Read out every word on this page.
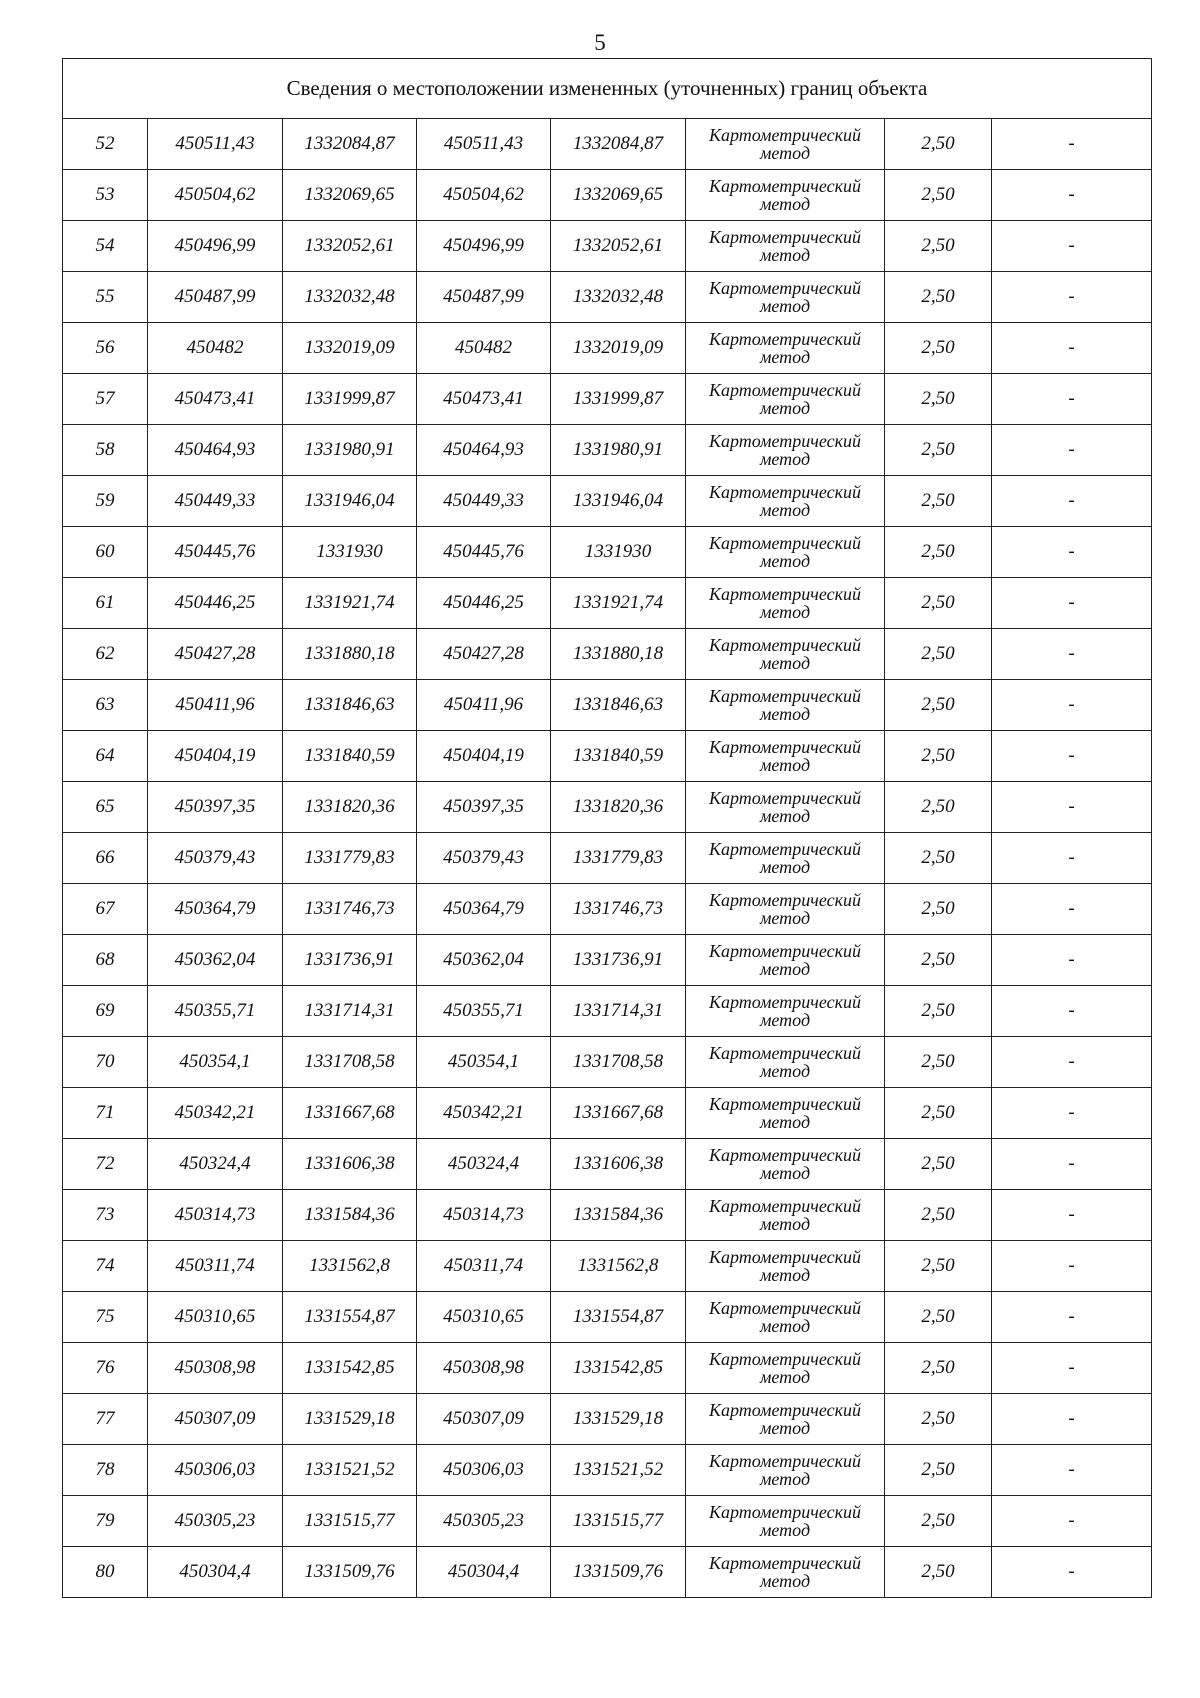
5
Сведения о местоположении измененных (уточненных) границ объекта							
52	450511,43	1332084,87	450511,43	1332084,87	Картометрический метод	2,50	-
53	450504,62	1332069,65	450504,62	1332069,65	Картометрический метод	2,50	-
54	450496,99	1332052,61	450496,99	1332052,61	Картометрический метод	2,50	-
55	450487,99	1332032,48	450487,99	1332032,48	Картометрический метод	2,50	-
56	450482	1332019,09	450482	1332019,09	Картометрический метод	2,50	-
57	450473,41	1331999,87	450473,41	1331999,87	Картометрический метод	2,50	-
58	450464,93	1331980,91	450464,93	1331980,91	Картометрический метод	2,50	-
59	450449,33	1331946,04	450449,33	1331946,04	Картометрический метод	2,50	-
60	450445,76	1331930	450445,76	1331930	Картометрический метод	2,50	-
61	450446,25	1331921,74	450446,25	1331921,74	Картометрический метод	2,50	-
62	450427,28	1331880,18	450427,28	1331880,18	Картометрический метод	2,50	-
63	450411,96	1331846,63	450411,96	1331846,63	Картометрический метод	2,50	-
64	450404,19	1331840,59	450404,19	1331840,59	Картометрический метод	2,50	-
65	450397,35	1331820,36	450397,35	1331820,36	Картометрический метод	2,50	-
66	450379,43	1331779,83	450379,43	1331779,83	Картометрический метод	2,50	-
67	450364,79	1331746,73	450364,79	1331746,73	Картометрический метод	2,50	-
68	450362,04	1331736,91	450362,04	1331736,91	Картометрический метод	2,50	-
69	450355,71	1331714,31	450355,71	1331714,31	Картометрический метод	2,50	-
70	450354,1	1331708,58	450354,1	1331708,58	Картометрический метод	2,50	-
71	450342,21	1331667,68	450342,21	1331667,68	Картометрический метод	2,50	-
72	450324,4	1331606,38	450324,4	1331606,38	Картометрический метод	2,50	-
73	450314,73	1331584,36	450314,73	1331584,36	Картометрический метод	2,50	-
74	450311,74	1331562,8	450311,74	1331562,8	Картометрический метод	2,50	-
75	450310,65	1331554,87	450310,65	1331554,87	Картометрический метод	2,50	-
76	450308,98	1331542,85	450308,98	1331542,85	Картометрический метод	2,50	-
77	450307,09	1331529,18	450307,09	1331529,18	Картометрический метод	2,50	-
78	450306,03	1331521,52	450306,03	1331521,52	Картометрический метод	2,50	-
79	450305,23	1331515,77	450305,23	1331515,77	Картометрический метод	2,50	-
80	450304,4	1331509,76	450304,4	1331509,76	Картометрический метод	2,50	-
